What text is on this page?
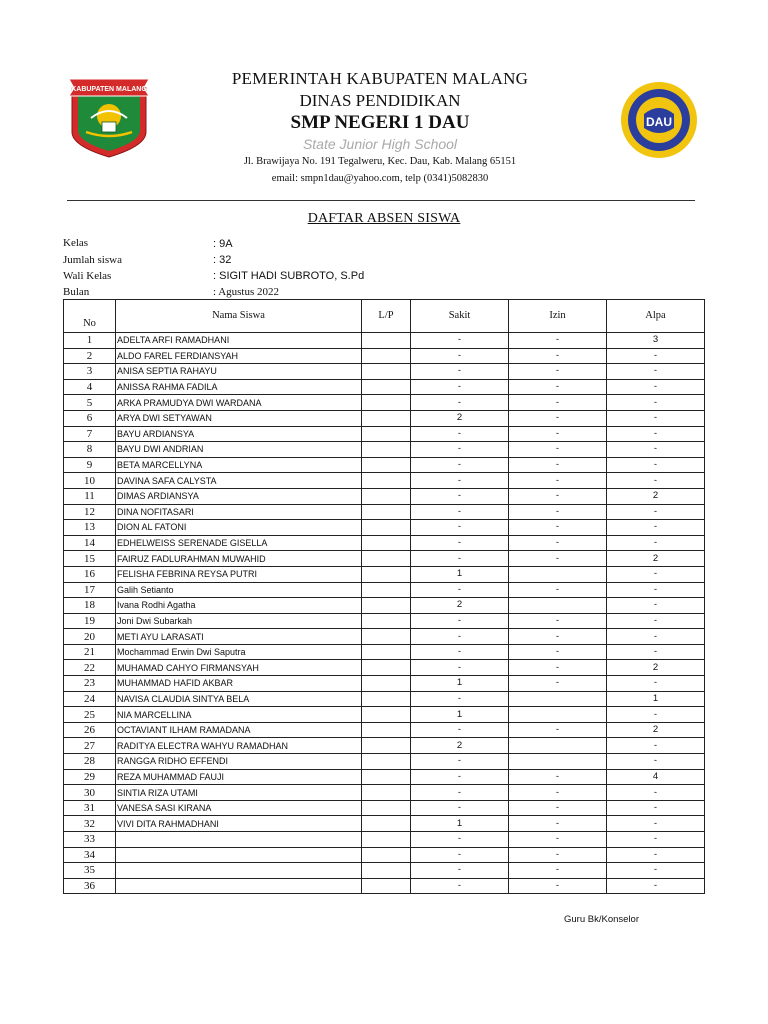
KABUPATEN MALANG
DAU
PEMERINTAH KABUPATEN MALANG
DINAS PENDIDIKAN
SMP NEGERI 1 DAU
State Junior High School
Jl. Brawijaya No. 191 Tegalweru, Kec. Dau, Kab. Malang 65151
email: smpn1dau@yahoo.com, telp (0341)5082830
DAFTAR ABSEN SISWA
Kelas	: 9A
Jumlah siswa	: 32
Wali Kelas	: SIGIT HADI SUBROTO, S.Pd
Bulan	: Agustus 2022
No	Nama Siswa	L/P	Sakit	Izin	Alpa
1	ADELTA ARFI RAMADHANI		-	-	3
2	ALDO FAREL FERDIANSYAH		-	-	-
3	ANISA SEPTIA RAHAYU		-	-	-
4	ANISSA RAHMA FADILA		-	-	-
5	ARKA PRAMUDYA DWI WARDANA		-	-	-
6	ARYA DWI SETYAWAN		2	-	-
7	BAYU ARDIANSYA		-	-	-
8	BAYU DWI ANDRIAN		-	-	-
9	BETA MARCELLYNA		-	-	-
10	DAVINA SAFA CALYSTA		-	-	-
11	DIMAS ARDIANSYA		-	-	2
12	DINA NOFITASARI		-	-	-
13	DION AL FATONI		-	-	-
14	EDHELWEISS SERENADE GISELLA		-	-	-
15	FAIRUZ FADLURAHMAN MUWAHID		-	-	2
16	FELISHA FEBRINA REYSA PUTRI		1		-
17	Galih Setianto		-	-	-
18	Ivana Rodhi Agatha		2		-
19	Joni Dwi Subarkah		-	-	-
20	METI AYU LARASATI		-	-	-
21	Mochammad Erwin Dwi Saputra		-	-	-
22	MUHAMAD CAHYO FIRMANSYAH		-	-	2
23	MUHAMMAD HAFID AKBAR		1	-	-
24	NAVISA CLAUDIA SINTYA BELA		-		1
25	NIA MARCELLINA		1		-
26	OCTAVIANT ILHAM RAMADANA		-	-	2
27	RADITYA ELECTRA WAHYU RAMADHAN		2		-
28	RANGGA RIDHO EFFENDI		-		-
29	REZA MUHAMMAD FAUJI		-	-	4
30	SINTIA RIZA UTAMI		-	-	-
31	VANESA SASI KIRANA		-	-	-
32	VIVI DITA RAHMADHANI		1	-	-
33			-	-	-
34			-	-	-
35			-	-	-
36			-	-	-
Guru Bk/Konselor
